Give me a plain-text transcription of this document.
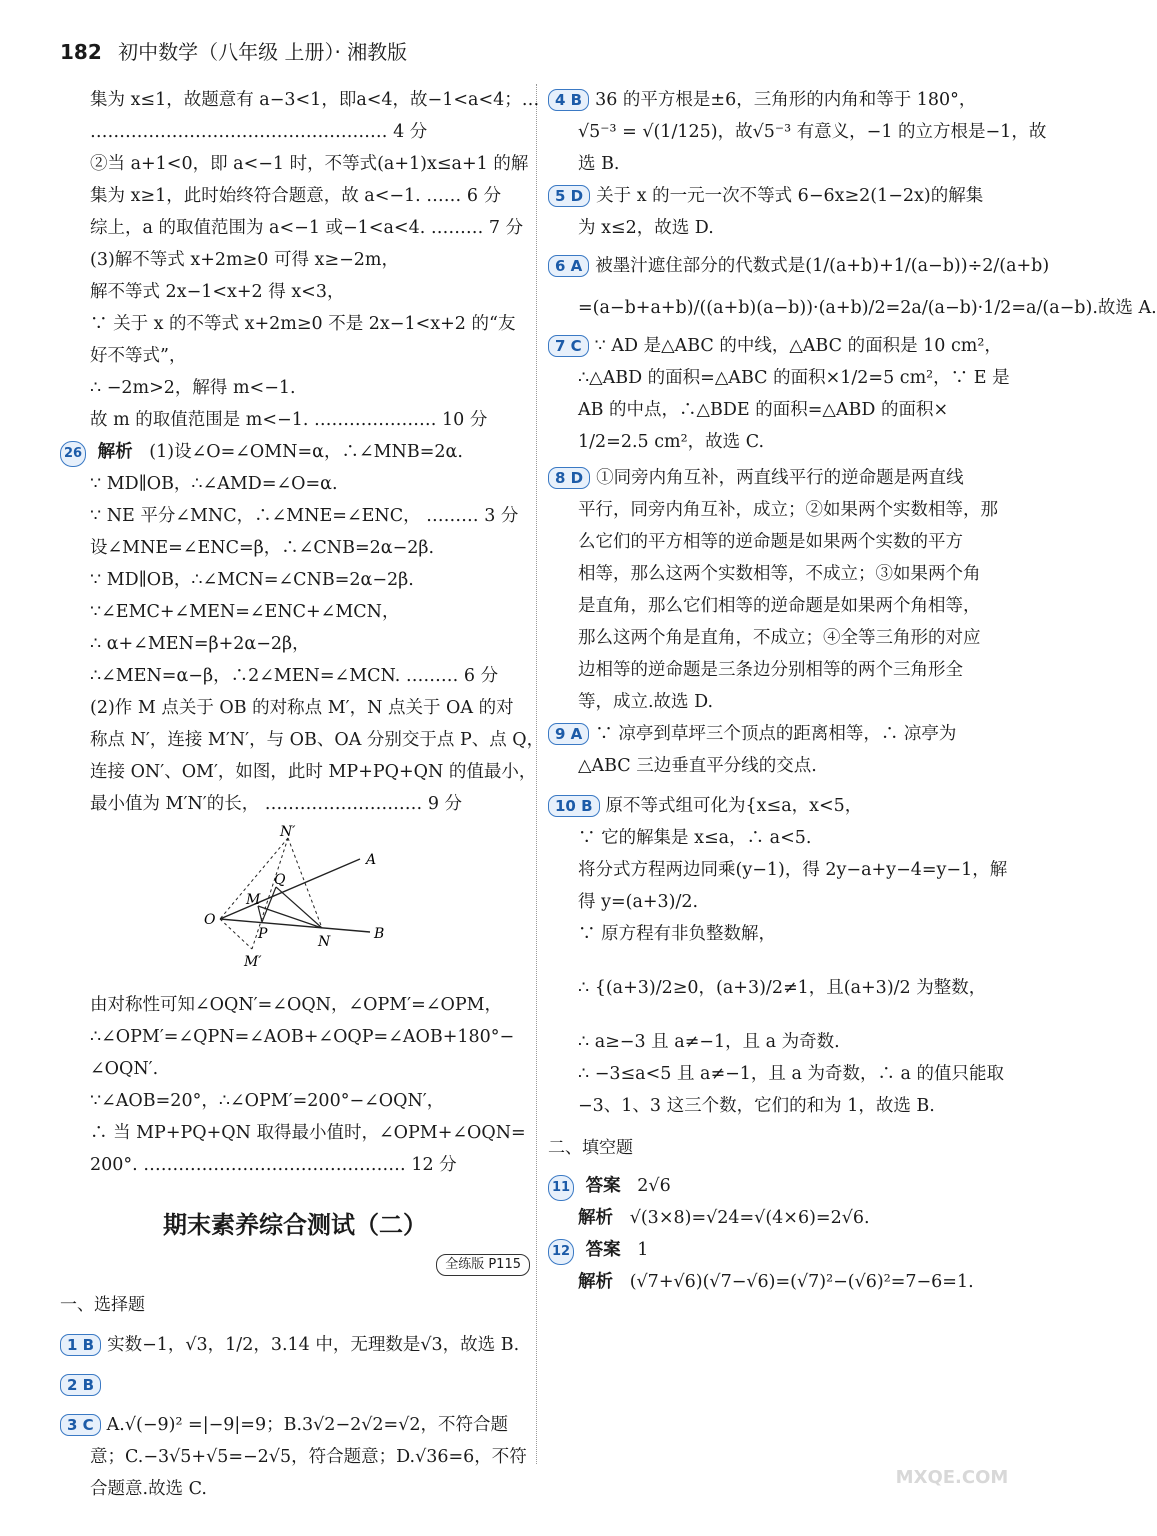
182 初中数学（八年级 上册）· 湘教版
集为 x≤1，故题意有 a−3<1，即a<4，故−1<a<4；…
…………………………………………… 4 分
②当 a+1<0，即 a<−1 时，不等式(a+1)x≤a+1 的解
集为 x≥1，此时始终符合题意，故 a<−1. …… 6 分
综上，a 的取值范围为 a<−1 或−1<a<4. ……… 7 分
(3)解不等式 x+2m≥0 可得 x≥−2m，
解不等式 2x−1<x+2 得 x<3，
∵ 关于 x 的不等式 x+2m≥0 不是 2x−1<x+2 的“友
好不等式”，
∴ −2m>2，解得 m<−1.
故 m 的取值范围是 m<−1. ………………… 10 分
26 解析 (1)设∠O=∠OMN=α，∴∠MNB=2α.
∵ MD∥OB，∴∠AMD=∠O=α.
∵ NE 平分∠MNC，∴∠MNE=∠ENC， ……… 3 分
设∠MNE=∠ENC=β，∴∠CNB=2α−2β.
∵ MD∥OB，∴∠MCN=∠CNB=2α−2β.
∵∠EMC+∠MEN=∠ENC+∠MCN，
∴ α+∠MEN=β+2α−2β，
∴∠MEN=α−β，∴2∠MEN=∠MCN. ……… 6 分
(2)作 M 点关于 OB 的对称点 M′，N 点关于 OA 的对
称点 N′，连接 M′N′，与 OB、OA 分别交于点 P、点 Q，
连接 ON′、OM′，如图，此时 MP+PQ+QN 的值最小，
最小值为 M′N′的长， ……………………… 9 分
N′
A
M
Q
O
P	N	B
M′
由对称性可知∠OQN′=∠OQN，∠OPM′=∠OPM，
∴∠OPM′=∠QPN=∠AOB+∠OQP=∠AOB+180°−
∠OQN′.
∵∠AOB=20°，∴∠OPM′=200°−∠OQN′，
∴ 当 MP+PQ+QN 取得最小值时，∠OPM+∠OQN=
200°. ……………………………………… 12 分
期末素养综合测试（二）
全练版 P115
一、选择题
1 B 实数−1，√3，1/2，3.14 中，无理数是√3，故选 B.
2 B
3 C A.√(−9)² =|−9|=9；B.3√2−2√2=√2，不符合题
意；C.−3√5+√5=−2√5，符合题意；D.√36=6，不符
合题意.故选 C.
4 B 36 的平方根是±6，三角形的内角和等于 180°，
√5⁻³ = √(1/125)，故√5⁻³ 有意义，−1 的立方根是−1，故
选 B.
5 D 关于 x 的一元一次不等式 6−6x≥2(1−2x)的解集
为 x≤2，故选 D.
6 A 被墨汁遮住部分的代数式是(1/(a+b)+1/(a−b))÷2/(a+b)
=(a−b+a+b)/((a+b)(a−b))·(a+b)/2=2a/(a−b)·1/2=a/(a−b).故选 A.
7 C ∵ AD 是△ABC 的中线，△ABC 的面积是 10 cm²，
∴△ABD 的面积=△ABC 的面积×1/2=5 cm²，∵ E 是
AB 的中点，∴△BDE 的面积=△ABD 的面积×
1/2=2.5 cm²，故选 C.
8 D ①同旁内角互补，两直线平行的逆命题是两直线
平行，同旁内角互补，成立；②如果两个实数相等，那
么它们的平方相等的逆命题是如果两个实数的平方
相等，那么这两个实数相等，不成立；③如果两个角
是直角，那么它们相等的逆命题是如果两个角相等，
那么这两个角是直角，不成立；④全等三角形的对应
边相等的逆命题是三条边分别相等的两个三角形全
等，成立.故选 D.
9 A ∵ 凉亭到草坪三个顶点的距离相等，∴ 凉亭为
△ABC 三边垂直平分线的交点.
10 B 原不等式组可化为{x≤a，x<5，
∵ 它的解集是 x≤a，∴ a<5.
将分式方程两边同乘(y−1)，得 2y−a+y−4=y−1，解
得 y=(a+3)/2.
∵ 原方程有非负整数解，
∴ {(a+3)/2≥0，(a+3)/2≠1，且(a+3)/2 为整数，
∴ a≥−3 且 a≠−1，且 a 为奇数.
∴ −3≤a<5 且 a≠−1，且 a 为奇数，∴ a 的值只能取
−3、1、3 这三个数，它们的和为 1，故选 B.
二、填空题
11 答案 2√6
解析 √(3×8)=√24=√(4×6)=2√6.
12 答案 1
解析 (√7+√6)(√7−√6)=(√7)²−(√6)²=7−6=1.
MXQE.COM
